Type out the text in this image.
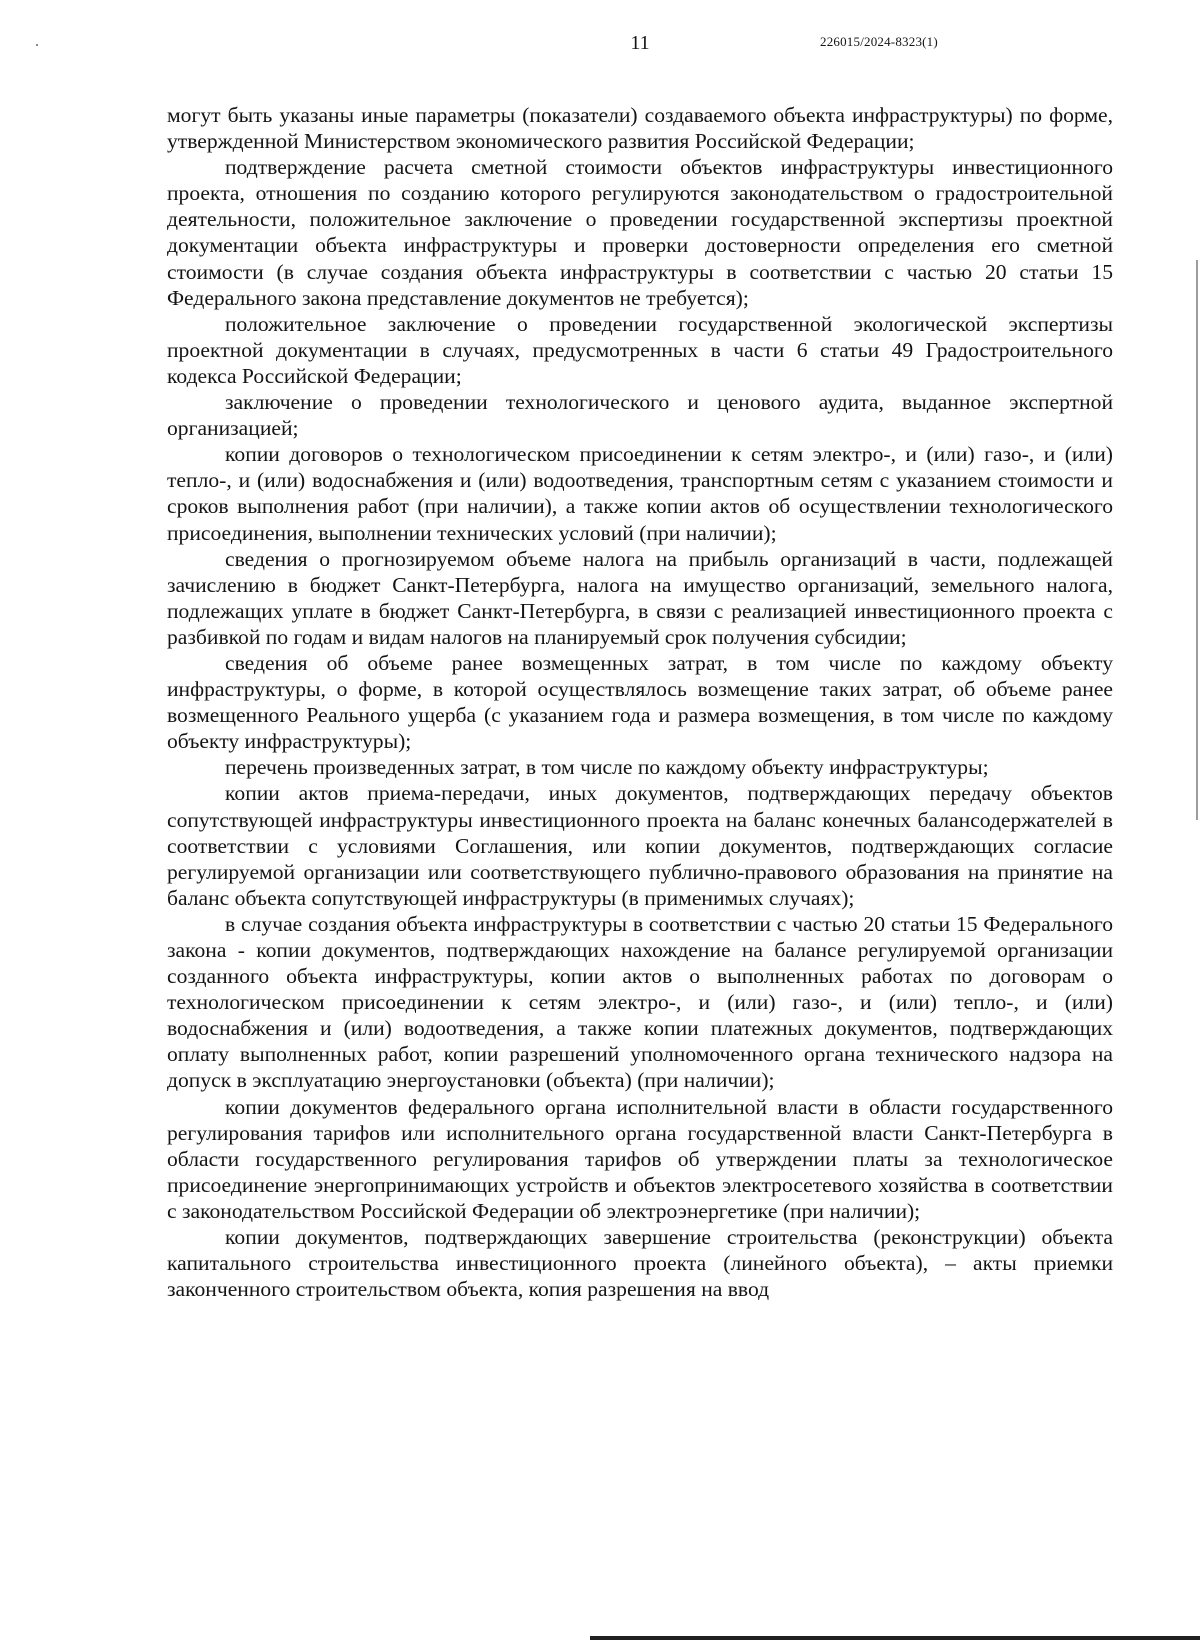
11	226015/2024-8323(1)

могут быть указаны иные параметры (показатели) создаваемого объекта инфраструктуры) по форме, утвержденной Министерством экономического развития Российской Федерации;

подтверждение расчета сметной стоимости объектов инфраструктуры инвестиционного проекта, отношения по созданию которого регулируются законодательством о градостроительной деятельности, положительное заключение о проведении государственной экспертизы проектной документации объекта инфраструктуры и проверки достоверности определения его сметной стоимости (в случае создания объекта инфраструктуры в соответствии с частью 20 статьи 15 Федерального закона представление документов не требуется);

положительное заключение о проведении государственной экологической экспертизы проектной документации в случаях, предусмотренных в части 6 статьи 49 Градостроительного кодекса Российской Федерации;

заключение о проведении технологического и ценового аудита, выданное экспертной организацией;

копии договоров о технологическом присоединении к сетям электро-, и (или) газо-, и (или) тепло-, и (или) водоснабжения и (или) водоотведения, транспортным сетям с указанием стоимости и сроков выполнения работ (при наличии), а также копии актов об осуществлении технологического присоединения, выполнении технических условий (при наличии);

сведения о прогнозируемом объеме налога на прибыль организаций в части, подлежащей зачислению в бюджет Санкт-Петербурга, налога на имущество организаций, земельного налога, подлежащих уплате в бюджет Санкт-Петербурга, в связи с реализацией инвестиционного проекта с разбивкой по годам и видам налогов на планируемый срок получения субсидии;

сведения об объеме ранее возмещенных затрат, в том числе по каждому объекту инфраструктуры, о форме, в которой осуществлялось возмещение таких затрат, об объеме ранее возмещенного Реального ущерба (с указанием года и размера возмещения, в том числе по каждому объекту инфраструктуры);

перечень произведенных затрат, в том числе по каждому объекту инфраструктуры;

копии актов приема-передачи, иных документов, подтверждающих передачу объектов сопутствующей инфраструктуры инвестиционного проекта на баланс конечных балансодержателей в соответствии с условиями Соглашения, или копии документов, подтверждающих согласие регулируемой организации или соответствующего публично-правового образования на принятие на баланс объекта сопутствующей инфраструктуры (в применимых случаях);

в случае создания объекта инфраструктуры в соответствии с частью 20 статьи 15 Федерального закона - копии документов, подтверждающих нахождение на балансе регулируемой организации созданного объекта инфраструктуры, копии актов о выполненных работах по договорам о технологическом присоединении к сетям электро-, и (или) газо-, и (или) тепло-, и (или) водоснабжения и (или) водоотведения, а также копии платежных документов, подтверждающих оплату выполненных работ, копии разрешений уполномоченного органа технического надзора на допуск в эксплуатацию энергоустановки (объекта) (при наличии);

копии документов федерального органа исполнительной власти в области государственного регулирования тарифов или исполнительного органа государственной власти Санкт-Петербурга в области государственного регулирования тарифов об утверждении платы за технологическое присоединение энергопринимающих устройств и объектов электросетевого хозяйства в соответствии с законодательством Российской Федерации об электроэнергетике (при наличии);

копии документов, подтверждающих завершение строительства (реконструкции) объекта капитального строительства инвестиционного проекта (линейного объекта), – акты приемки законченного строительством объекта, копия разрешения на ввод
